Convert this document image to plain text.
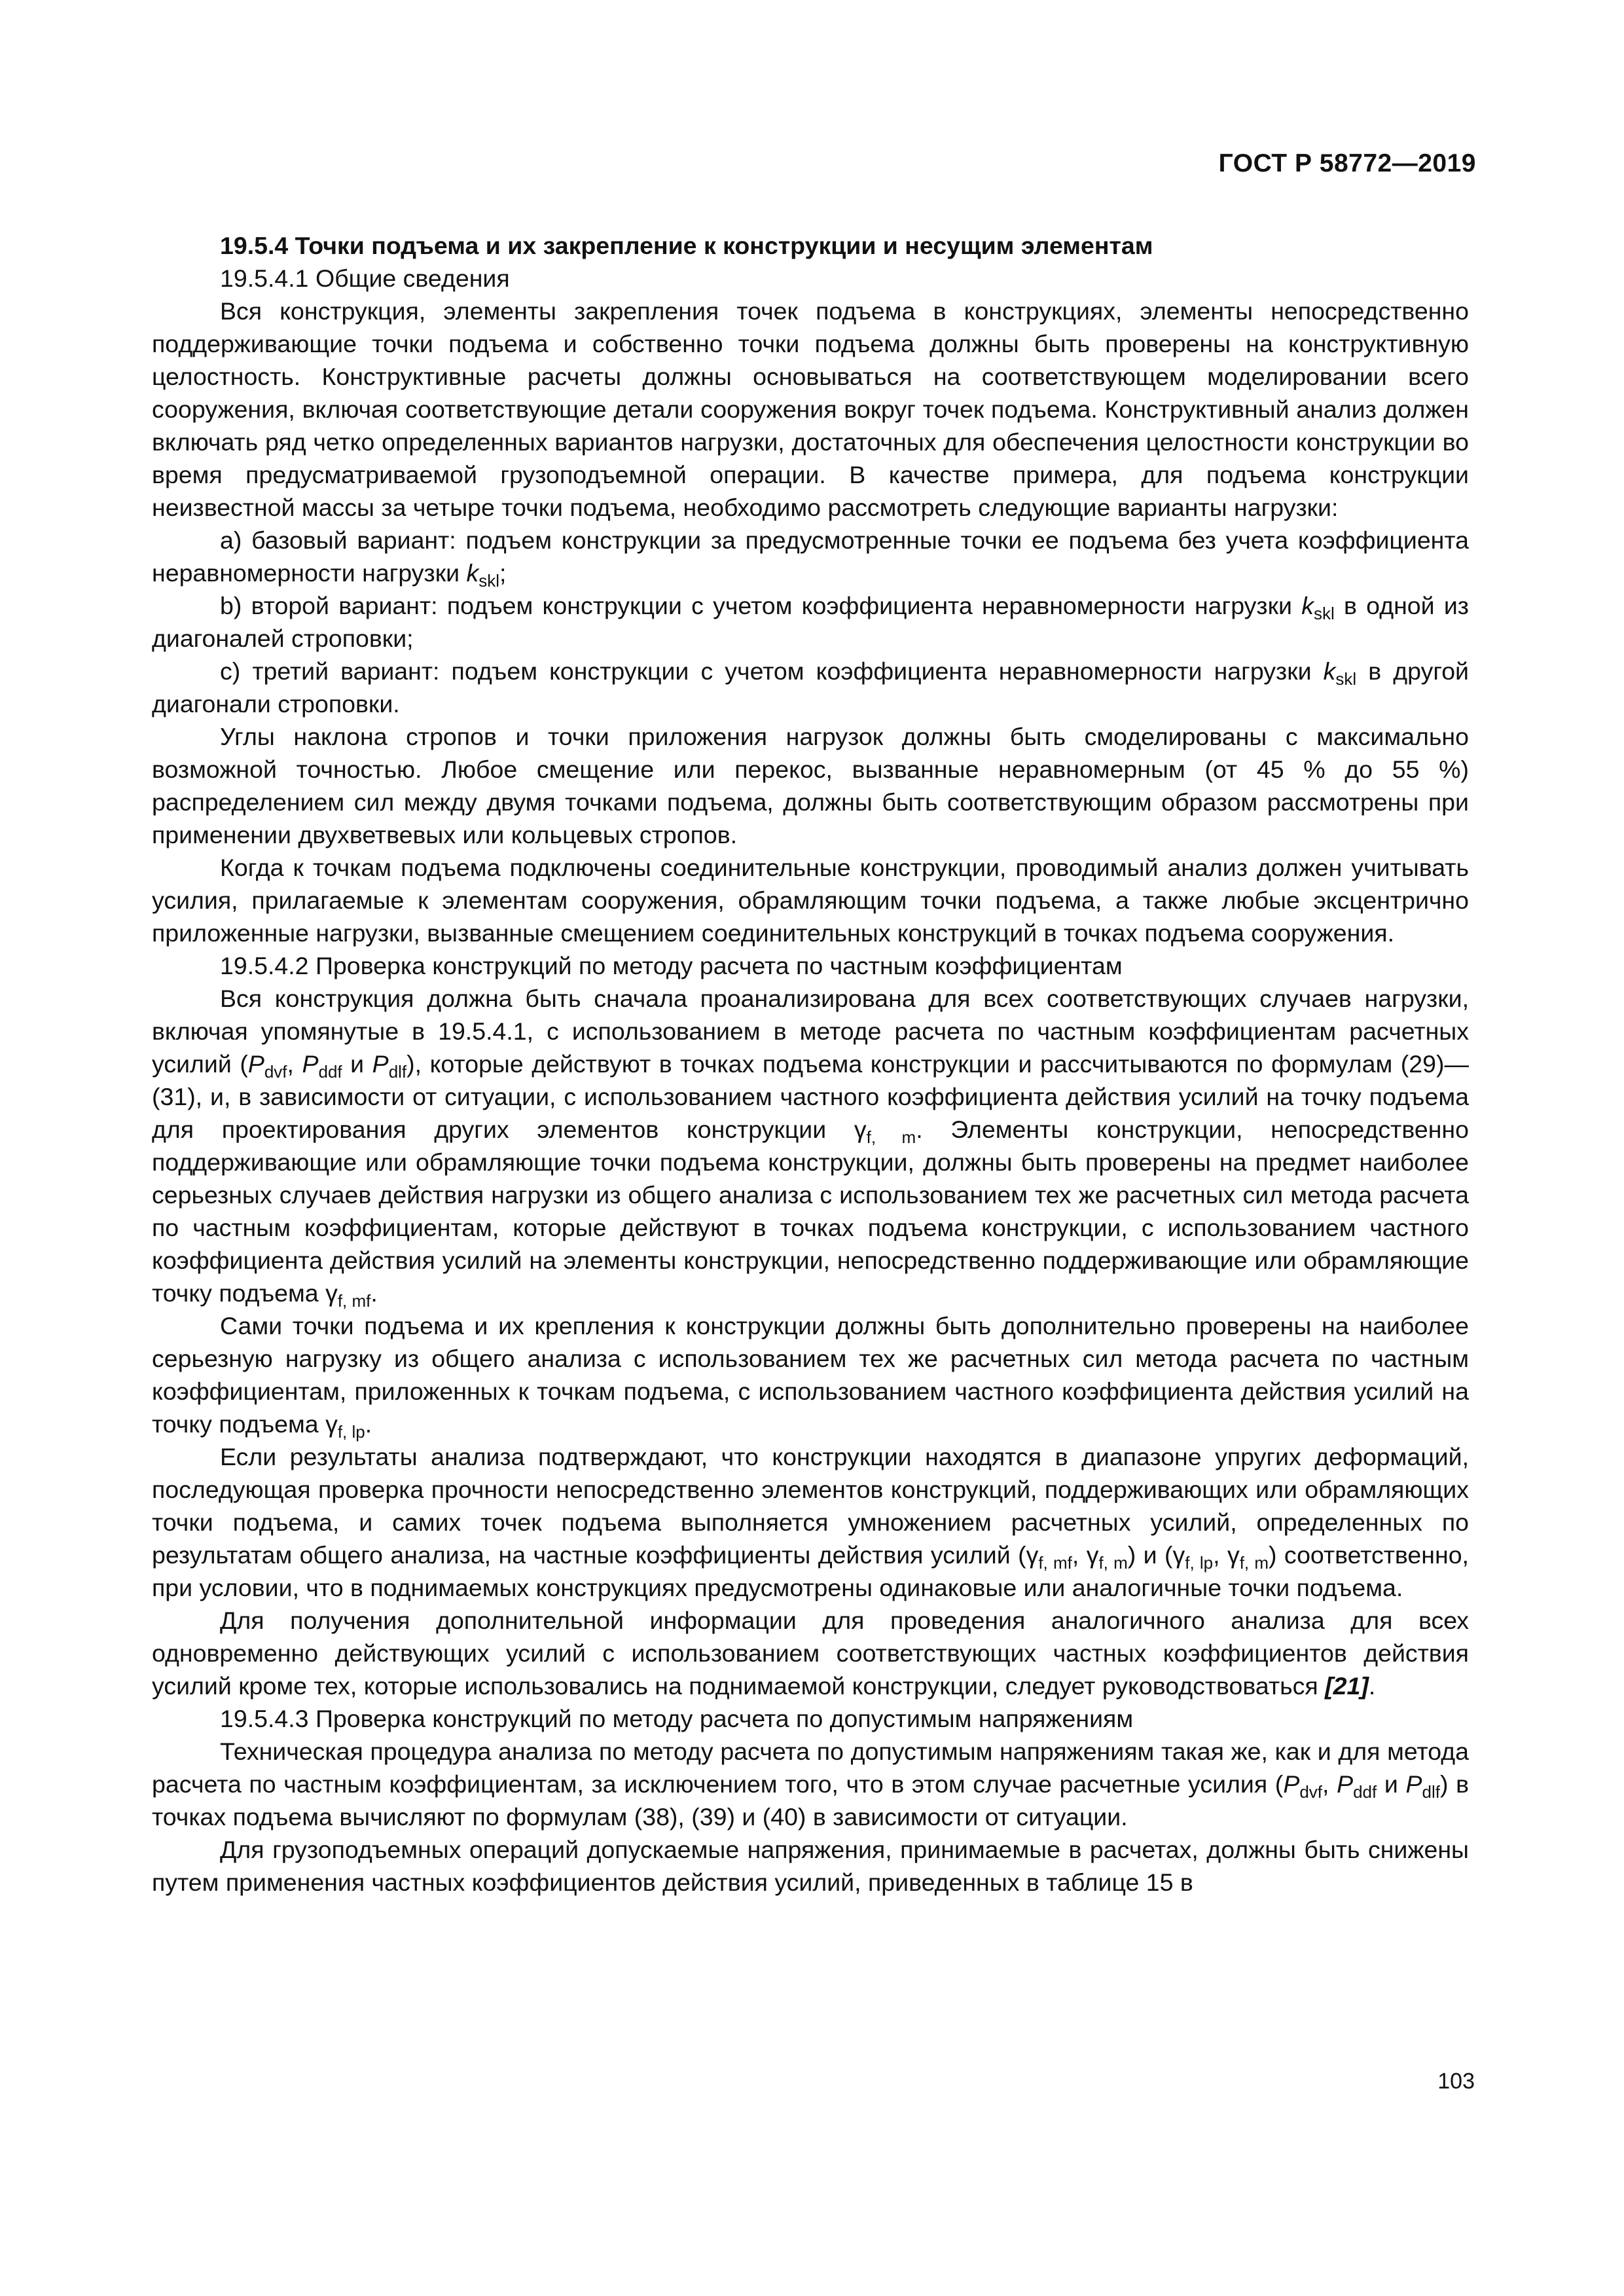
ГОСТ Р 58772—2019

19.5.4 Точки подъема и их закрепление к конструкции и несущим элементам

19.5.4.1 Общие сведения

Вся конструкция, элементы закрепления точек подъема в конструкциях, элементы непосредственно поддерживающие точки подъема и собственно точки подъема должны быть проверены на конструктивную целостность. Конструктивные расчеты должны основываться на соответствующем моделировании всего сооружения, включая соответствующие детали сооружения вокруг точек подъема. Конструктивный анализ должен включать ряд четко определенных вариантов нагрузки, достаточных для обеспечения целостности конструкции во время предусматриваемой грузоподъемной операции. В качестве примера, для подъема конструкции неизвестной массы за четыре точки подъема, необходимо рассмотреть следующие варианты нагрузки:

a) базовый вариант: подъем конструкции за предусмотренные точки ее подъема без учета коэффициента неравномерности нагрузки $k_{skl}$;

b) второй вариант: подъем конструкции с учетом коэффициента неравномерности нагрузки $k_{skl}$ в одной из диагоналей строповки;

c) третий вариант: подъем конструкции с учетом коэффициента неравномерности нагрузки $k_{skl}$ в другой диагонали строповки.

Углы наклона стропов и точки приложения нагрузок должны быть смоделированы с максимально возможной точностью. Любое смещение или перекос, вызванные неравномерным (от 45 % до 55 %) распределением сил между двумя точками подъема, должны быть соответствующим образом рассмотрены при применении двухветвевых или кольцевых стропов.

Когда к точкам подъема подключены соединительные конструкции, проводимый анализ должен учитывать усилия, прилагаемые к элементам сооружения, обрамляющим точки подъема, а также любые эксцентрично приложенные нагрузки, вызванные смещением соединительных конструкций в точках подъема сооружения.

19.5.4.2 Проверка конструкций по методу расчета по частным коэффициентам

Вся конструкция должна быть сначала проанализирована для всех соответствующих случаев нагрузки, включая упомянутые в 19.5.4.1, с использованием в методе расчета по частным коэффициентам расчетных усилий ($P_{dvf}$, $P_{ddf}$ и $P_{dlf}$), которые действуют в точках подъема конструкции и рассчитываются по формулам (29)—(31), и, в зависимости от ситуации, с использованием частного коэффициента действия усилий на точку подъема для проектирования других элементов конструкции $\gamma_{f, m}$. Элементы конструкции, непосредственно поддерживающие или обрамляющие точки подъема конструкции, должны быть проверены на предмет наиболее серьезных случаев действия нагрузки из общего анализа с использованием тех же расчетных сил метода расчета по частным коэффициентам, которые действуют в точках подъема конструкции, с использованием частного коэффициента действия усилий на элементы конструкции, непосредственно поддерживающие или обрамляющие точку подъема $\gamma_{f, mf}$.

Сами точки подъема и их крепления к конструкции должны быть дополнительно проверены на наиболее серьезную нагрузку из общего анализа с использованием тех же расчетных сил метода расчета по частным коэффициентам, приложенных к точкам подъема, с использованием частного коэффициента действия усилий на точку подъема $\gamma_{f, lp}$.

Если результаты анализа подтверждают, что конструкции находятся в диапазоне упругих деформаций, последующая проверка прочности непосредственно элементов конструкций, поддерживающих или обрамляющих точки подъема, и самих точек подъема выполняется умножением расчетных усилий, определенных по результатам общего анализа, на частные коэффициенты действия усилий ($\gamma_{f, mf}$, $\gamma_{f, m}$) и ($\gamma_{f, lp}$, $\gamma_{f, m}$) соответственно, при условии, что в поднимаемых конструкциях предусмотрены одинаковые или аналогичные точки подъема.

Для получения дополнительной информации для проведения аналогичного анализа для всех одновременно действующих усилий с использованием соответствующих частных коэффициентов действия усилий кроме тех, которые использовались на поднимаемой конструкции, следует руководствоваться [21].

19.5.4.3 Проверка конструкций по методу расчета по допустимым напряжениям

Техническая процедура анализа по методу расчета по допустимым напряжениям такая же, как и для метода расчета по частным коэффициентам, за исключением того, что в этом случае расчетные усилия ($P_{dvf}$, $P_{ddf}$ и $P_{dlf}$) в точках подъема вычисляют по формулам (38), (39) и (40) в зависимости от ситуации.

Для грузоподъемных операций допускаемые напряжения, принимаемые в расчетах, должны быть снижены путем применения частных коэффициентов действия усилий, приведенных в таблице 15 в

103
